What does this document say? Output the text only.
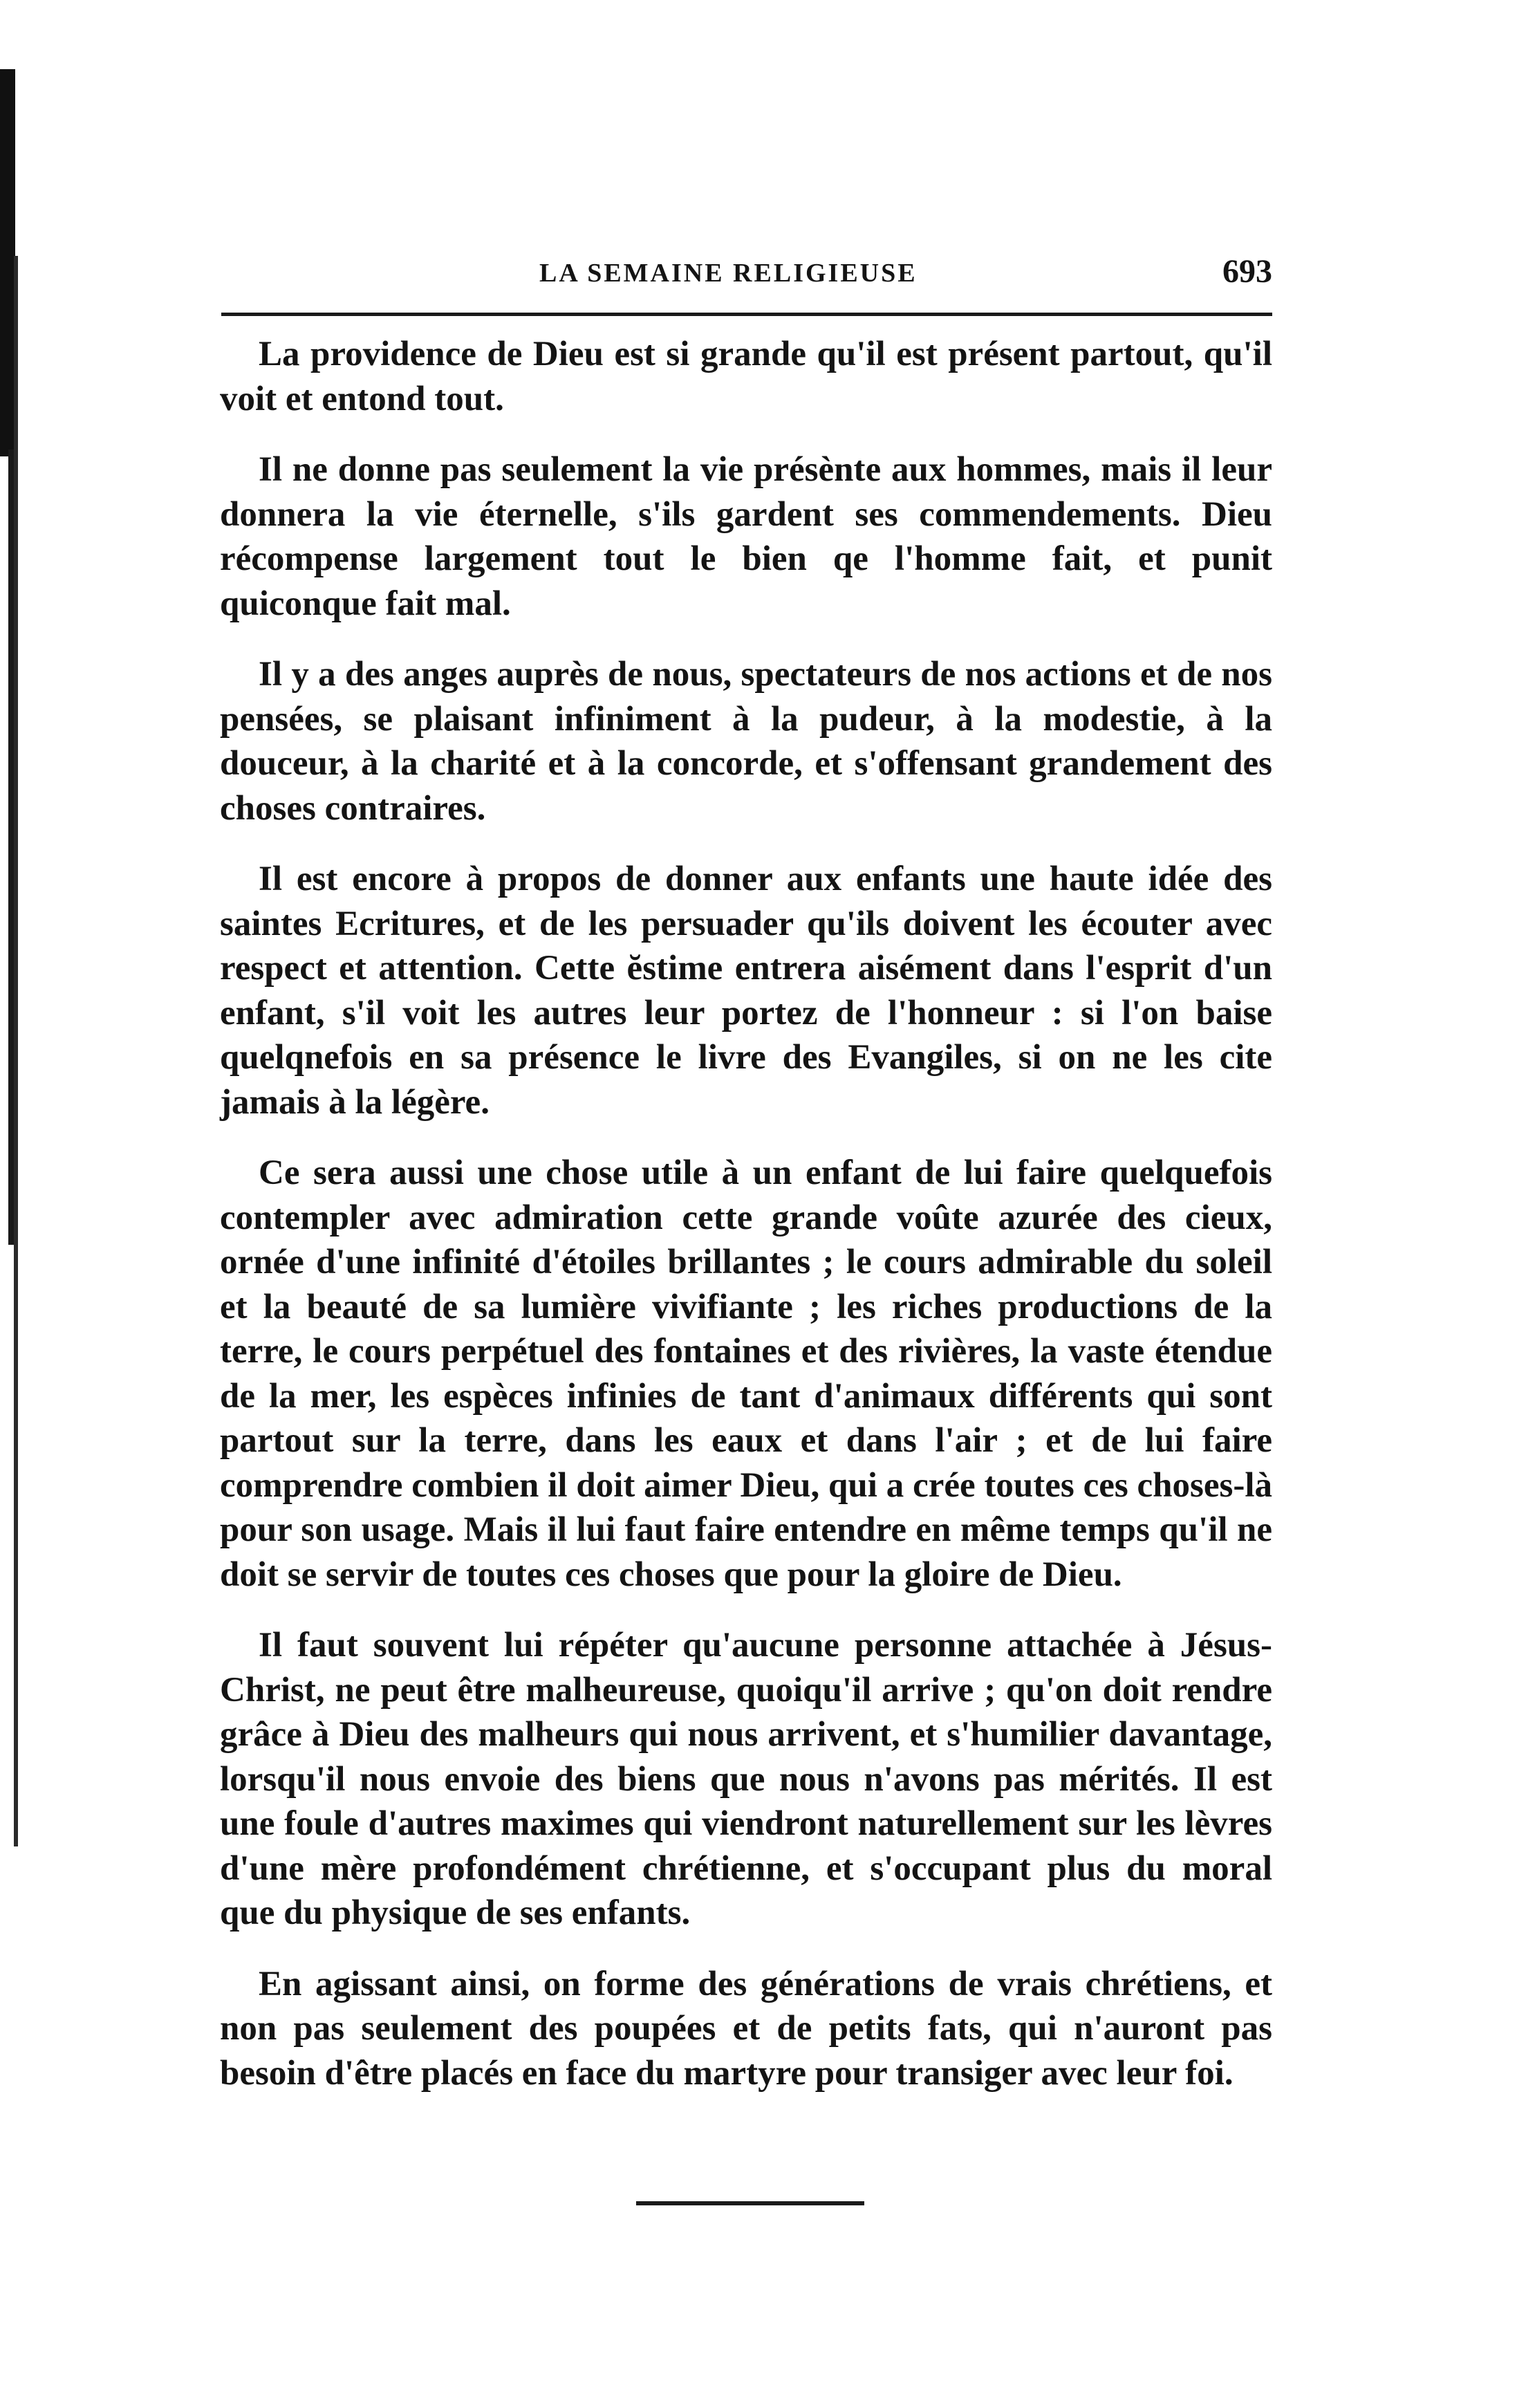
LA SEMAINE RELIGIEUSE	693

La providence de Dieu est si grande qu'il est présent partout, qu'il voit et entond tout.

Il ne donne pas seulement la vie présènte aux hommes, mais il leur donnera la vie éternelle, s'ils gardent ses commendements. Dieu récompense largement tout le bien qe l'homme fait, et punit quiconque fait mal.

Il y a des anges auprès de nous, spectateurs de nos actions et de nos pensées, se plaisant infiniment à la pudeur, à la modestie, à la douceur, à la charité et à la concorde, et s'offensant grandement des choses contraires.

Il est encore à propos de donner aux enfants une haute idée des saintes Ecritures, et de les persuader qu'ils doivent les écouter avec respect et attention. Cette ĕstime entrera aisément dans l'esprit d'un enfant, s'il voit les autres leur portez de l'honneur : si l'on baise quelqnefois en sa présence le livre des Evangiles, si on ne les cite jamais à la légère.

Ce sera aussi une chose utile à un enfant de lui faire quelquefois contempler avec admiration cette grande voûte azurée des cieux, ornée d'une infinité d'étoiles brillantes ; le cours admirable du soleil et la beauté de sa lumière vivifiante ; les riches productions de la terre, le cours perpétuel des fontaines et des rivières, la vaste étendue de la mer, les espèces infinies de tant d'animaux différents qui sont partout sur la terre, dans les eaux et dans l'air ; et de lui faire comprendre combien il doit aimer Dieu, qui a crée toutes ces choses-là pour son usage. Mais il lui faut faire entendre en même temps qu'il ne doit se servir de toutes ces choses que pour la gloire de Dieu.

Il faut souvent lui répéter qu'aucune personne attachée à Jésus-Christ, ne peut être malheureuse, quoiqu'il arrive ; qu'on doit rendre grâce à Dieu des malheurs qui nous arrivent, et s'humilier davantage, lorsqu'il nous envoie des biens que nous n'avons pas mérités. Il est une foule d'autres maximes qui viendront naturellement sur les lèvres d'une mère profondément chrétienne, et s'occupant plus du moral que du physique de ses enfants.

En agissant ainsi, on forme des générations de vrais chrétiens, et non pas seulement des poupées et de petits fats, qui n'auront pas besoin d'être placés en face du martyre pour transiger avec leur foi.
